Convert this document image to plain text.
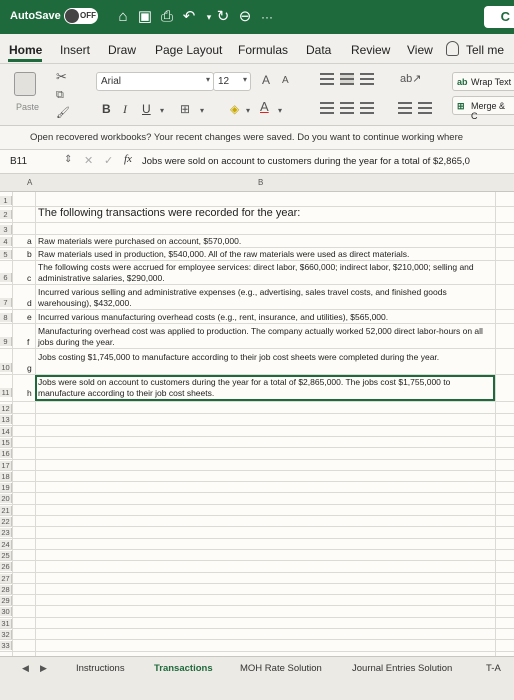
AutoSave OFF ⌂ ▣ ⎙ ↶	▾ ↻ ⊖ ···	C
Home Insert Draw Page Layout Formulas Data Review View	Tell me
Paste
✂
⧉
🖌
Arial	▾ 12 ▾ A A
B I U ▾ ⊞ ▾ ◈ ▾ A ▾
ab↗	ab Wrap Text
⊞ Merge & C
Open recovered workbooks? Your recent changes were saved. Do you want to continue working where
B11	⇕ ✕ ✓ fx Jobs were sold on account to customers during the year for a total of $2,865,0
A	B
1
2	The following transactions were recorded for the year:
3
4	a Raw materials were purchased on account, $570,000.
5	b Raw materials used in production, $540,000. All of the raw materials were used as direct materials.
6	c
The following costs were accrued for employee services: direct labor, $660,000; indirect labor, $210,000; selling and administrative salaries, $290,000.
7	d
Incurred various selling and administrative expenses (e.g., advertising, sales travel costs, and finished goods warehousing), $432,000.
8	e Incurred various manufacturing overhead costs (e.g., rent, insurance, and utilities), $565,000.
9	f
Manufacturing overhead cost was applied to production. The company actually worked 52,000 direct labor-hours on all jobs during the year.
10 g
Jobs costing $1,745,000 to manufacture according to their job cost sheets were completed during the year.
11	h
Jobs were sold on account to customers during the year for a total of $2,865,000. The jobs cost $1,755,000 to manufacture according to their job cost sheets.
12
13
14
15
16
17
18
19
20
21
22
23
24
25
26
27
28
29
30
31
32
33
◀ ▶	Instructions	Transactions	MOH Rate Solution	Journal Entries Solution	T-A
